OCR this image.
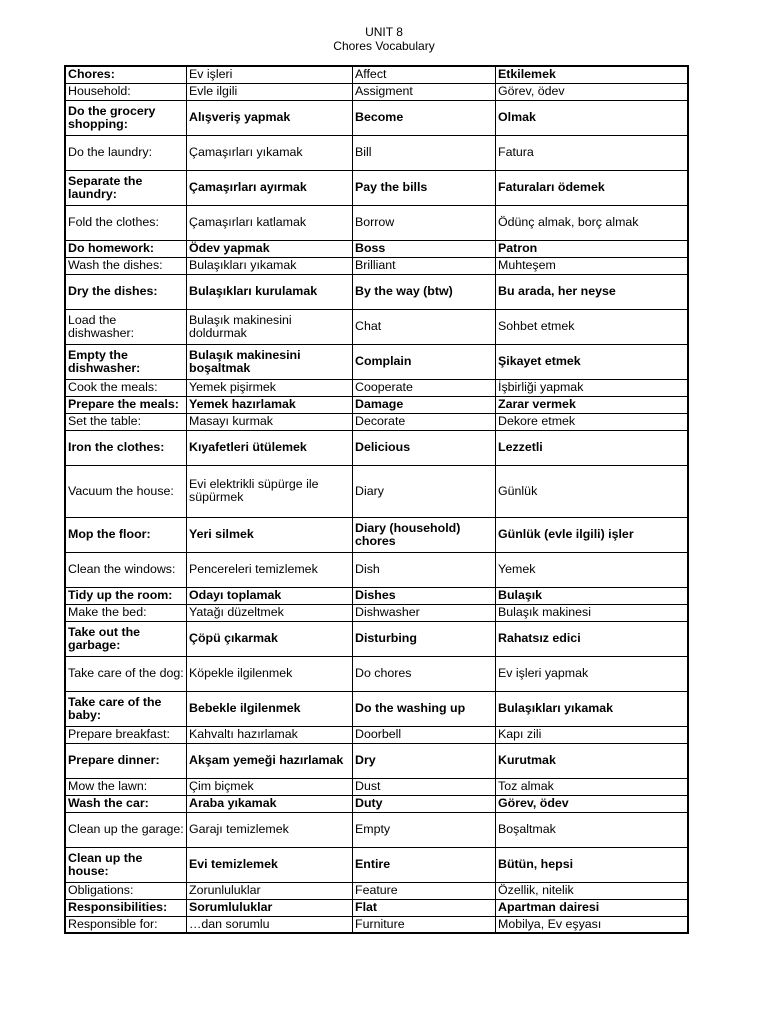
UNIT 8
Chores Vocabulary
Chores:	Ev işleri	Affect	Etkilemek
Household:	Evle ilgili	Assigment	Görev, ödev
Do the grocery shopping:	Alışveriş yapmak	Become	Olmak
Do the laundry:	Çamaşırları yıkamak	Bill	Fatura
Separate the laundry:	Çamaşırları ayırmak	Pay the bills	Faturaları ödemek
Fold the clothes:	Çamaşırları katlamak	Borrow	Ödünç almak, borç almak
Do homework:	Ödev yapmak	Boss	Patron
Wash the dishes:	Bulaşıkları yıkamak	Brilliant	Muhteşem
Dry the dishes:	Bulaşıkları kurulamak	By the way (btw)	Bu arada, her neyse
Load the dishwasher:	Bulaşık makinesini doldurmak	Chat	Sohbet etmek
Empty the dishwasher:	Bulaşık makinesini boşaltmak	Complain	Şikayet etmek
Cook the meals:	Yemek pişirmek	Cooperate	İşbirliği yapmak
Prepare the meals:	Yemek hazırlamak	Damage	Zarar vermek
Set the table:	Masayı kurmak	Decorate	Dekore etmek
Iron the clothes:	Kıyafetleri ütülemek	Delicious	Lezzetli
Vacuum the house:	Evi elektrikli süpürge ile süpürmek	Diary	Günlük
Mop the floor:	Yeri silmek	Diary (household) chores	Günlük (evle ilgili) işler
Clean the windows:	Pencereleri temizlemek	Dish	Yemek
Tidy up the room:	Odayı toplamak	Dishes	Bulaşık
Make the bed:	Yatağı düzeltmek	Dishwasher	Bulaşık makinesi
Take out the garbage:	Çöpü çıkarmak	Disturbing	Rahatsız edici
Take care of the dog:	Köpekle ilgilenmek	Do chores	Ev işleri yapmak
Take care of the baby:	Bebekle ilgilenmek	Do the washing up	Bulaşıkları yıkamak
Prepare breakfast:	Kahvaltı hazırlamak	Doorbell	Kapı zili
Prepare dinner:	Akşam yemeği hazırlamak	Dry	Kurutmak
Mow the lawn:	Çim biçmek	Dust	Toz almak
Wash the car:	Araba yıkamak	Duty	Görev, ödev
Clean up the garage:	Garajı temizlemek	Empty	Boşaltmak
Clean up the house:	Evi temizlemek	Entire	Bütün, hepsi
Obligations:	Zorunluluklar	Feature	Özellik, nitelik
Responsibilities:	Sorumluluklar	Flat	Apartman dairesi
Responsible for:	…dan sorumlu	Furniture	Mobilya, Ev eşyası
